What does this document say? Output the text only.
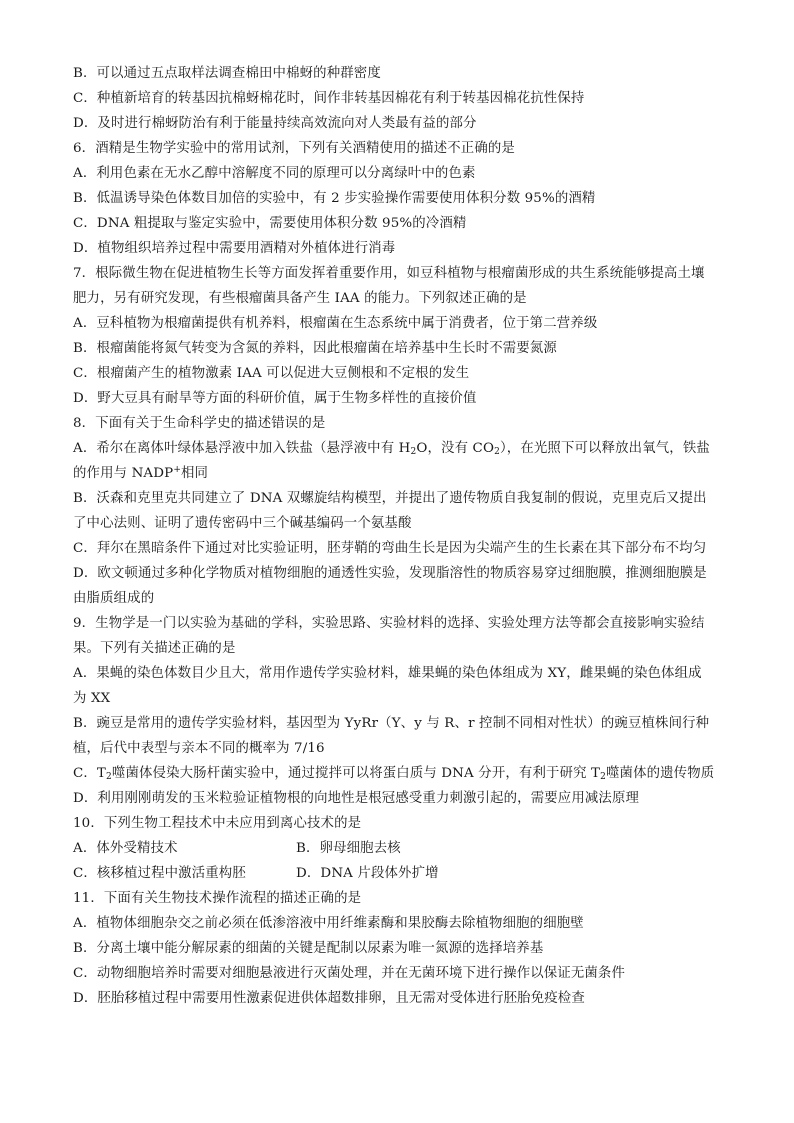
B．可以通过五点取样法调查棉田中棉蚜的种群密度
C．种植新培育的转基因抗棉蚜棉花时，间作非转基因棉花有利于转基因棉花抗性保持
D．及时进行棉蚜防治有利于能量持续高效流向对人类最有益的部分
6．酒精是生物学实验中的常用试剂，下列有关酒精使用的描述不正确的是
A．利用色素在无水乙醇中溶解度不同的原理可以分离绿叶中的色素
B．低温诱导染色体数目加倍的实验中，有 2 步实验操作需要使用体积分数 95%的酒精
C．DNA 粗提取与鉴定实验中，需要使用体积分数 95%的冷酒精
D．植物组织培养过程中需要用酒精对外植体进行消毒
7．根际微生物在促进植物生长等方面发挥着重要作用，如豆科植物与根瘤菌形成的共生系统能够提高土壤
肥力，另有研究发现，有些根瘤菌具备产生 IAA 的能力。下列叙述正确的是
A．豆科植物为根瘤菌提供有机养料，根瘤菌在生态系统中属于消费者，位于第二营养级
B．根瘤菌能将氮气转变为含氮的养料，因此根瘤菌在培养基中生长时不需要氮源
C．根瘤菌产生的植物激素 IAA 可以促进大豆侧根和不定根的发生
D．野大豆具有耐旱等方面的科研价值，属于生物多样性的直接价值
8．下面有关于生命科学史的描述错误的是
A．希尔在离体叶绿体悬浮液中加入铁盐（悬浮液中有 $H_2O$，没有 $CO_2$），在光照下可以释放出氧气，铁盐
的作用与 NADP+相同
B．沃森和克里克共同建立了 DNA 双螺旋结构模型，并提出了遗传物质自我复制的假说，克里克后又提出
了中心法则、证明了遗传密码中三个碱基编码一个氨基酸
C．拜尔在黑暗条件下通过对比实验证明，胚芽鞘的弯曲生长是因为尖端产生的生长素在其下部分布不均匀
D．欧文顿通过多种化学物质对植物细胞的通透性实验，发现脂溶性的物质容易穿过细胞膜，推测细胞膜是
由脂质组成的
9．生物学是一门以实验为基础的学科，实验思路、实验材料的选择、实验处理方法等都会直接影响实验结
果。下列有关描述正确的是
A．果蝇的染色体数目少且大，常用作遗传学实验材料，雄果蝇的染色体组成为 XY，雌果蝇的染色体组成
为 XX
B．豌豆是常用的遗传学实验材料，基因型为 YyRr（Y、y 与 R、r 控制不同相对性状）的豌豆植株间行种
植，后代中表型与亲本不同的概率为 7/16
C．$T_2$噬菌体侵染大肠杆菌实验中，通过搅拌可以将蛋白质与 DNA 分开，有利于研究 $T_2$噬菌体的遗传物质
D．利用刚刚萌发的玉米粒验证植物根的向地性是根冠感受重力刺激引起的，需要应用减法原理
10．下列生物工程技术中未应用到离心技术的是
A．体外受精技术	B．卵母细胞去核
C．核移植过程中激活重构胚	D．DNA 片段体外扩增
11．下面有关生物技术操作流程的描述正确的是
A．植物体细胞杂交之前必须在低渗溶液中用纤维素酶和果胶酶去除植物细胞的细胞壁
B．分离土壤中能分解尿素的细菌的关键是配制以尿素为唯一氮源的选择培养基
C．动物细胞培养时需要对细胞悬液进行灭菌处理，并在无菌环境下进行操作以保证无菌条件
D．胚胎移植过程中需要用性激素促进供体超数排卵，且无需对受体进行胚胎免疫检查
